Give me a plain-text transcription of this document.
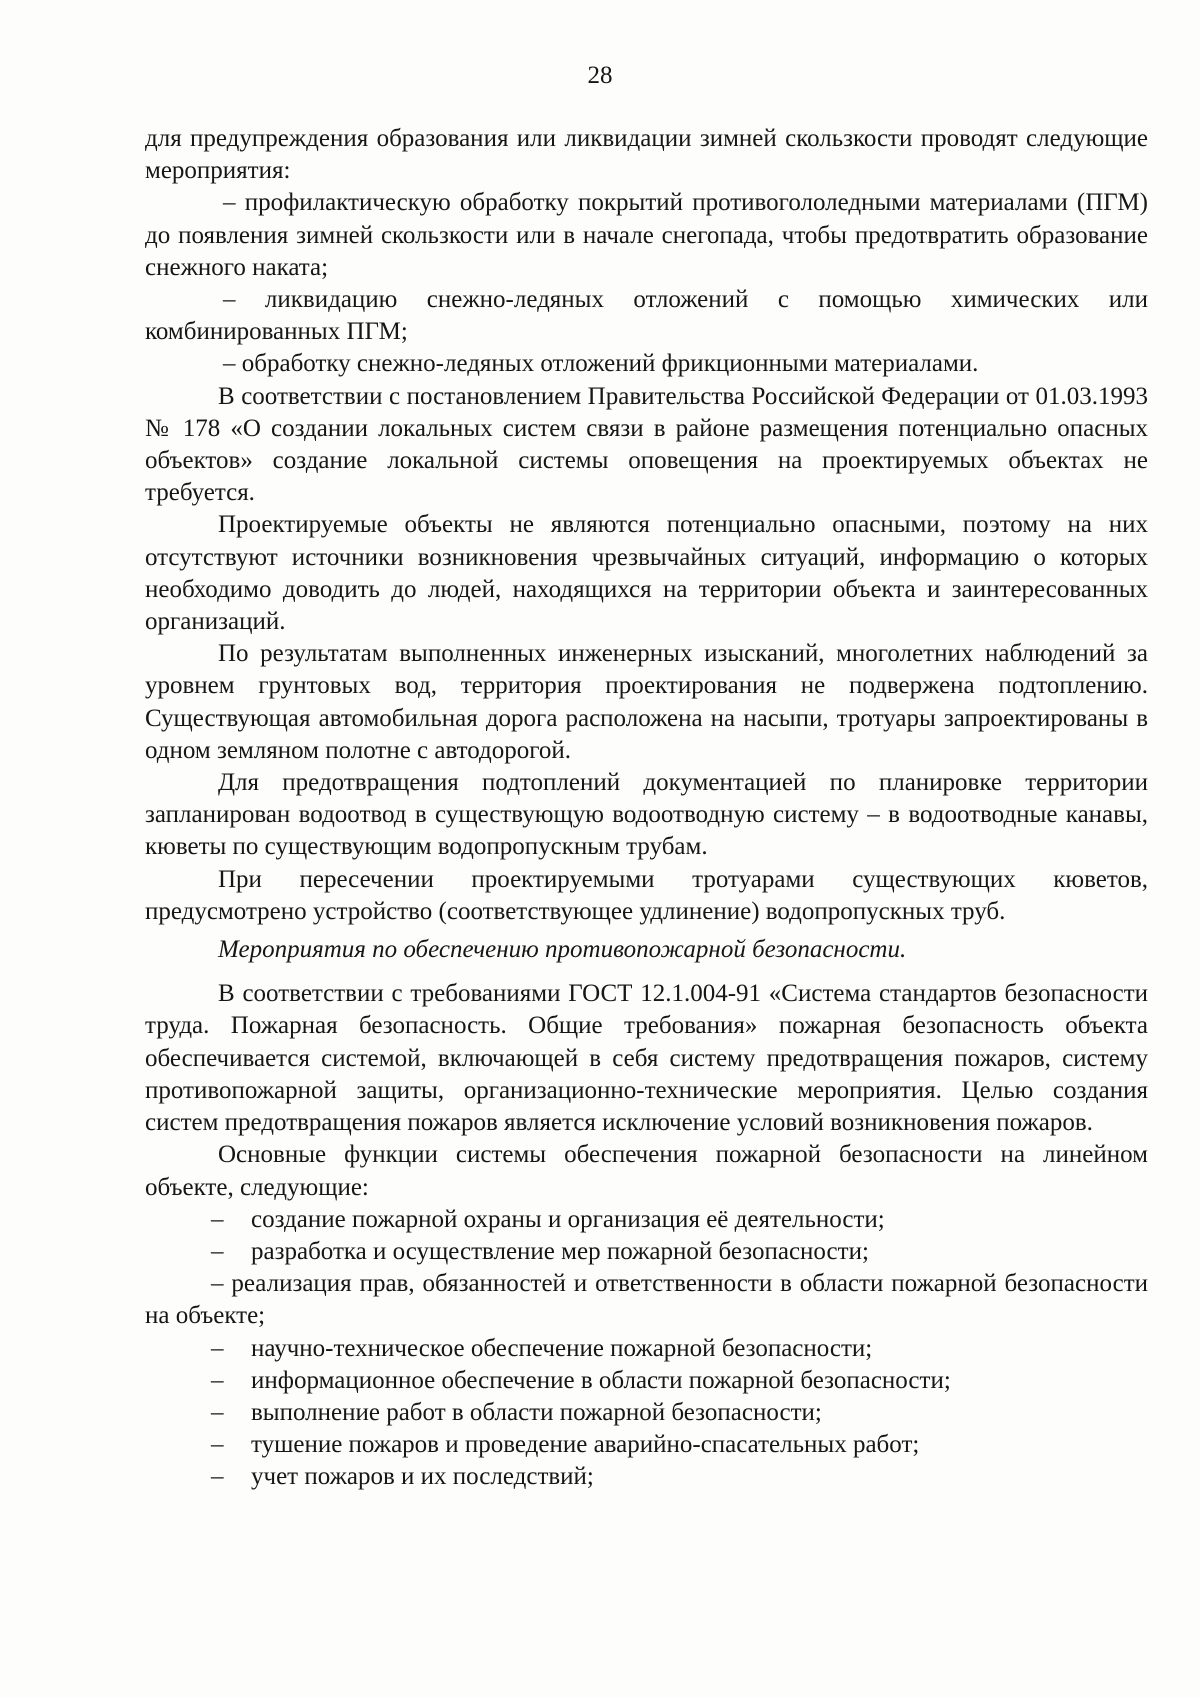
28

для предупреждения образования или ликвидации зимней скользкости проводят следующие мероприятия:

– профилактическую обработку покрытий противогололедными материалами (ПГМ) до появления зимней скользкости или в начале снегопада, чтобы предотвратить образование снежного наката;

– ликвидацию снежно-ледяных отложений с помощью химических или комбинированных ПГМ;

– обработку снежно-ледяных отложений фрикционными материалами.

В соответствии с постановлением Правительства Российской Федерации от 01.03.1993 № 178 «О создании локальных систем связи в районе размещения потенциально опасных объектов» создание локальной системы оповещения на проектируемых объектах не требуется.

Проектируемые объекты не являются потенциально опасными, поэтому на них отсутствуют источники возникновения чрезвычайных ситуаций, информацию о которых необходимо доводить до людей, находящихся на территории объекта и заинтересованных организаций.

По результатам выполненных инженерных изысканий, многолетних наблюдений за уровнем грунтовых вод, территория проектирования не подвержена подтоплению. Существующая автомобильная дорога расположена на насыпи, тротуары запроектированы в одном земляном полотне с автодорогой.

Для предотвращения подтоплений документацией по планировке территории запланирован водоотвод в существующую водоотводную систему – в водоотводные канавы, кюветы по существующим водопропускным трубам.

При пересечении проектируемыми тротуарами существующих кюветов, предусмотрено устройство (соответствующее удлинение) водопропускных труб.

Мероприятия по обеспечению противопожарной безопасности.

В соответствии с требованиями ГОСТ 12.1.004-91 «Система стандартов безопасности труда. Пожарная безопасность. Общие требования» пожарная безопасность объекта обеспечивается системой, включающей в себя систему предотвращения пожаров, систему противопожарной защиты, организационно-технические мероприятия. Целью создания систем предотвращения пожаров является исключение условий возникновения пожаров.

Основные функции системы обеспечения пожарной безопасности на линейном объекте, следующие:

– создание пожарной охраны и организация её деятельности;

– разработка и осуществление мер пожарной безопасности;

– реализация прав, обязанностей и ответственности в области пожарной безопасности на объекте;

– научно-техническое обеспечение пожарной безопасности;

– информационное обеспечение в области пожарной безопасности;

– выполнение работ в области пожарной безопасности;

– тушение пожаров и проведение аварийно-спасательных работ;

– учет пожаров и их последствий;
